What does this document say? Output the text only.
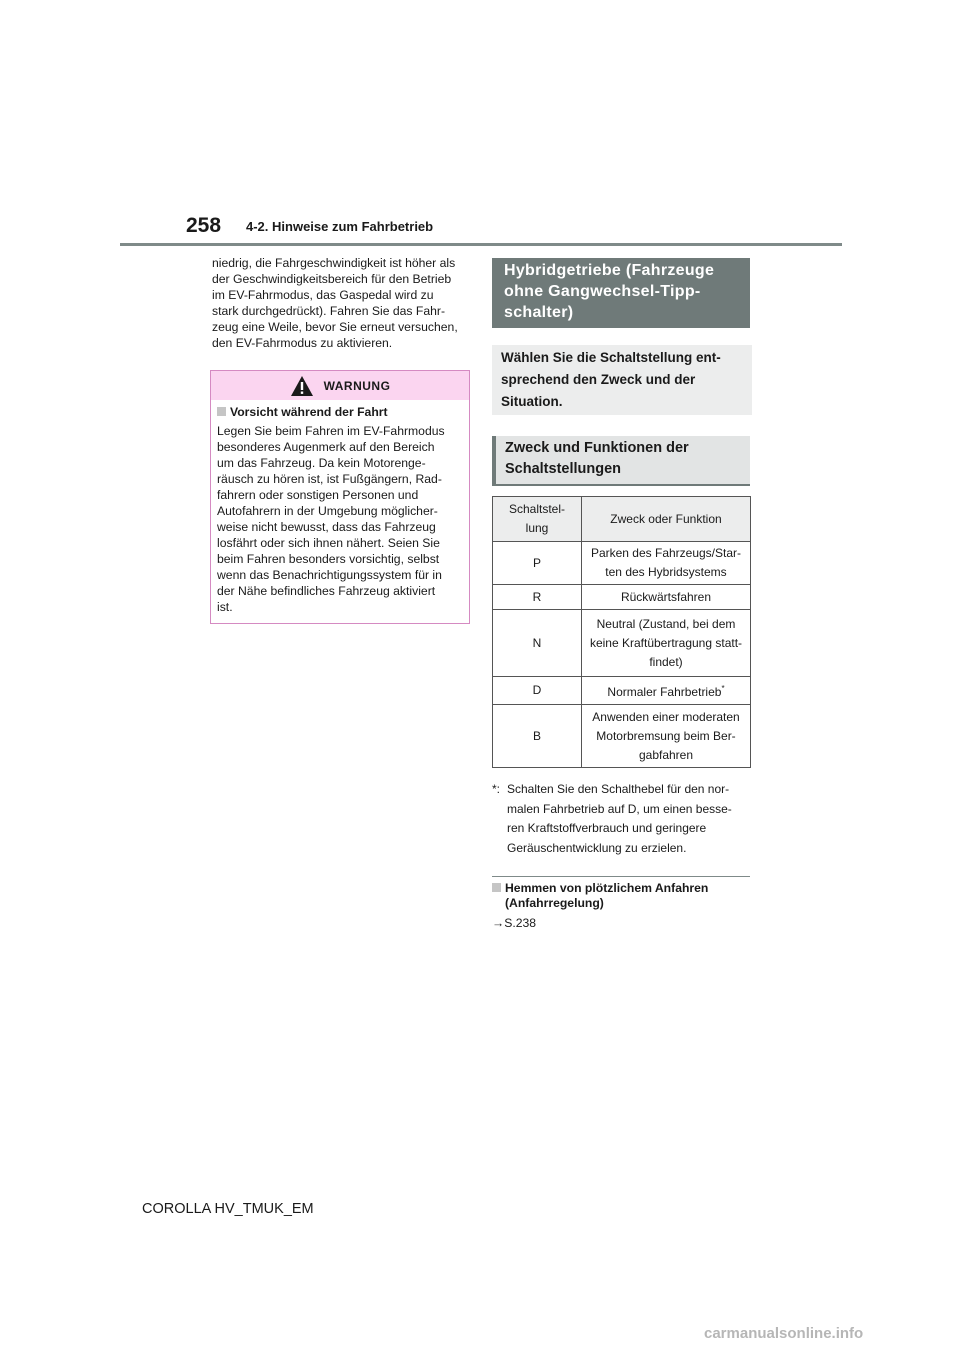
258 4-2. Hinweise zum Fahrbetrieb
niedrig, die Fahrgeschwindigkeit ist höher als
der Geschwindigkeitsbereich für den Betrieb
im EV-Fahrmodus, das Gaspedal wird zu
stark durchgedrückt). Fahren Sie das Fahr-
zeug eine Weile, bevor Sie erneut versuchen,
den EV-Fahrmodus zu aktivieren.
WARNUNG
Vorsicht während der Fahrt
Legen Sie beim Fahren im EV-Fahrmodus
besonderes Augenmerk auf den Bereich
um das Fahrzeug. Da kein Motorenge-
räusch zu hören ist, ist Fußgängern, Rad-
fahrern oder sonstigen Personen und
Autofahrern in der Umgebung möglicher-
weise nicht bewusst, dass das Fahrzeug
losfährt oder sich ihnen nähert. Seien Sie
beim Fahren besonders vorsichtig, selbst
wenn das Benachrichtigungssystem für in
der Nähe befindliches Fahrzeug aktiviert
ist.
Hybridgetriebe (Fahrzeuge
ohne Gangwechsel-Tipp-
schalter)
Wählen Sie die Schaltstellung ent-
sprechend den Zweck und der
Situation.
Zweck und Funktionen der
Schaltstellungen
Schaltstel-
lung	Zweck oder Funktion
P	Parken des Fahrzeugs/Star-
ten des Hybridsystems

R	Rückwärtsfahren

N	Neutral (Zustand, bei dem
keine Kraftübertragung statt-
findet)

D	Normaler Fahrbetrieb*
B	Anwenden einer moderaten
Motorbremsung beim Ber-
gabfahren
*: Schalten Sie den Schalthebel für den nor-
malen Fahrbetrieb auf D, um einen besse-
ren Kraftstoffverbrauch und geringere
Geräuschentwicklung zu erzielen.
Hemmen von plötzlichem Anfahren
(Anfahrregelung)
→S.238
COROLLA HV_TMUK_EM
carmanualsonline.info
